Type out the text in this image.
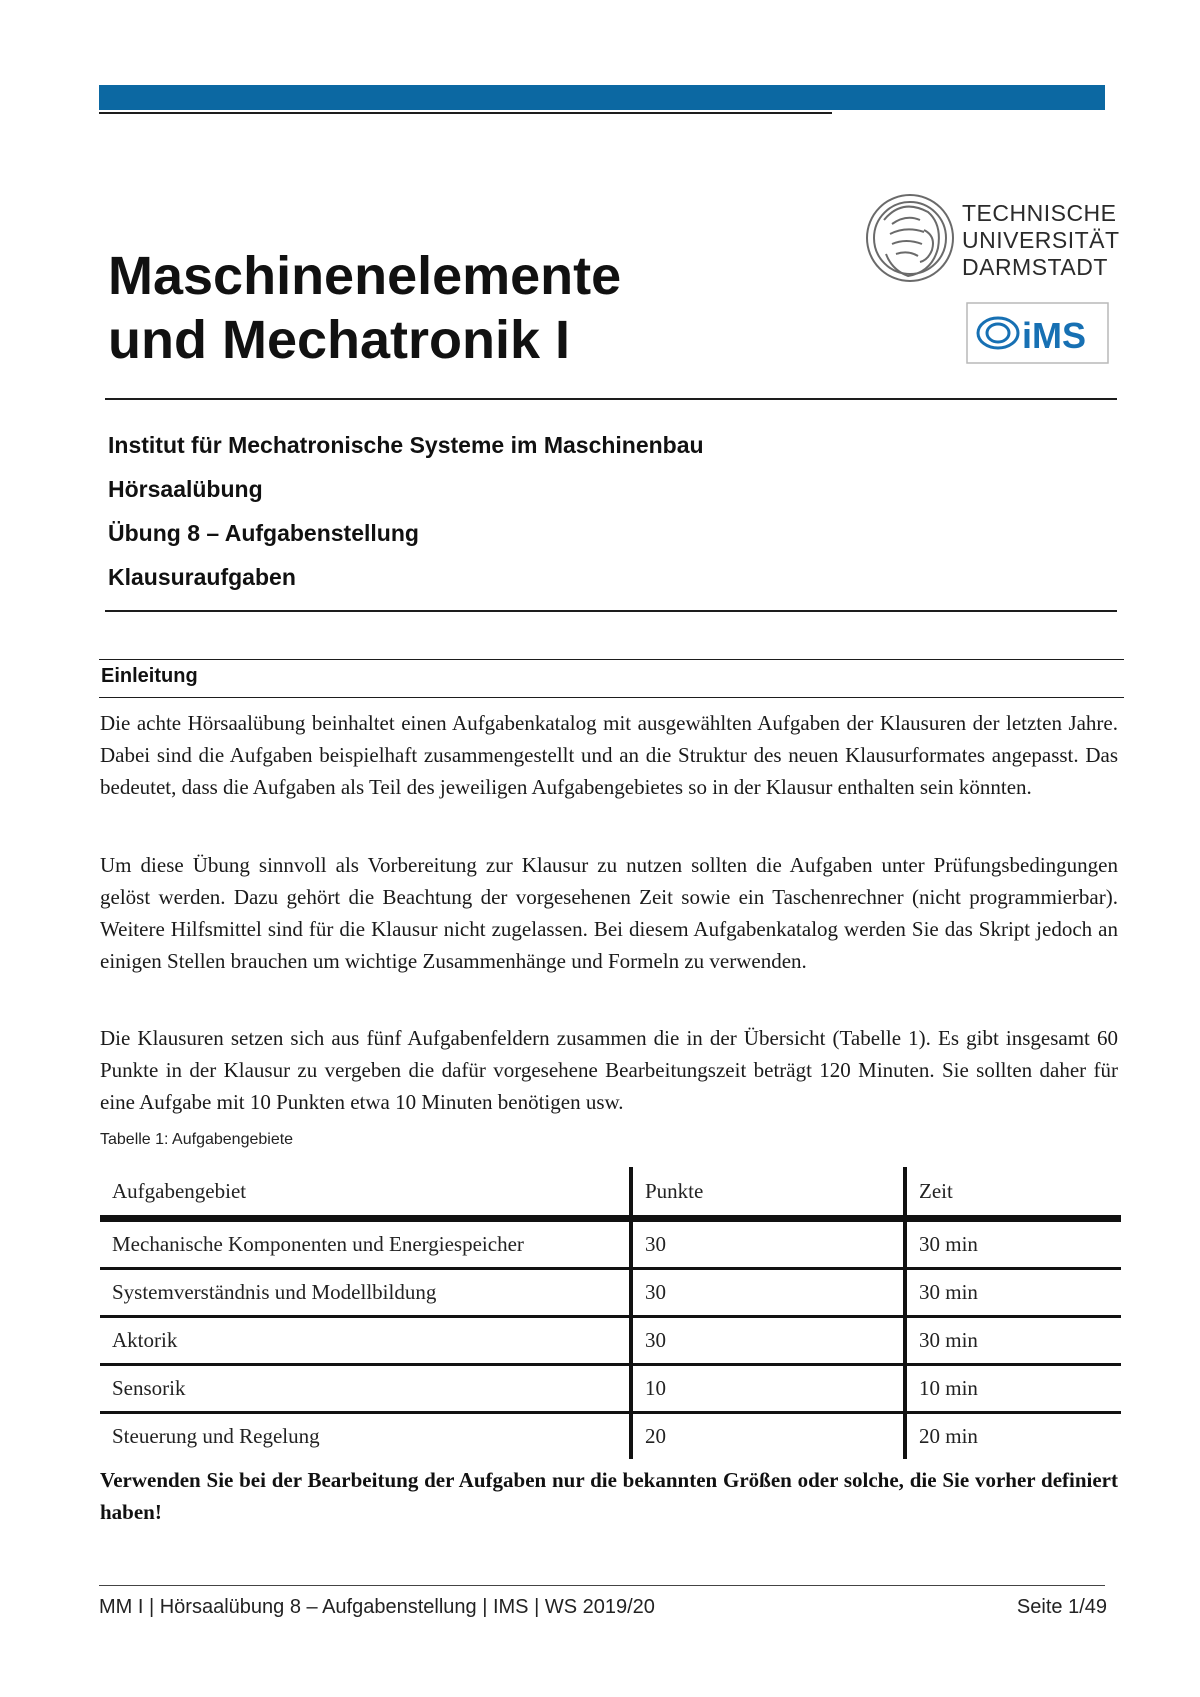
Maschinenelemente
und Mechatronik I
TECHNISCHE
UNIVERSITÄT
DARMSTADT
iMS
Institut für Mechatronische Systeme im Maschinenbau
Hörsaalübung
Übung 8 – Aufgabenstellung
Klausuraufgaben
Einleitung

Die achte Hörsaalübung beinhaltet einen Aufgabenkatalog mit ausgewählten Aufgaben der Klausuren der letzten Jahre. Dabei sind die Aufgaben beispielhaft zusammengestellt und an die Struktur des neuen Klausurformates angepasst. Das bedeutet, dass die Aufgaben als Teil des jeweiligen Aufgabengebietes so in der Klausur enthalten sein könnten.

Um diese Übung sinnvoll als Vorbereitung zur Klausur zu nutzen sollten die Aufgaben unter Prüfungsbedingungen gelöst werden. Dazu gehört die Beachtung der vorgesehenen Zeit sowie ein Taschenrechner (nicht programmierbar). Weitere Hilfsmittel sind für die Klausur nicht zugelassen. Bei diesem Aufgabenkatalog werden Sie das Skript jedoch an einigen Stellen brauchen um wichtige Zusammenhänge und Formeln zu verwenden.

Die Klausuren setzen sich aus fünf Aufgabenfeldern zusammen die in der Übersicht (Tabelle 1). Es gibt insgesamt 60 Punkte in der Klausur zu vergeben die dafür vorgesehene Bearbeitungszeit beträgt 120 Minuten. Sie sollten daher für eine Aufgabe mit 10 Punkten etwa 10 Minuten benötigen usw.

Tabelle 1: Aufgabengebiete
Aufgabengebiet	Punkte	Zeit
Mechanische Komponenten und Energiespeicher	30	30 min
Systemverständnis und Modellbildung	30	30 min
Aktorik	30	30 min
Sensorik	10	10 min
Steuerung und Regelung	20	20 min

Verwenden Sie bei der Bearbeitung der Aufgaben nur die bekannten Größen oder solche, die Sie vorher definiert haben!

MM I | Hörsaalübung 8 – Aufgabenstellung | IMS | WS 2019/20	Seite 1/49
